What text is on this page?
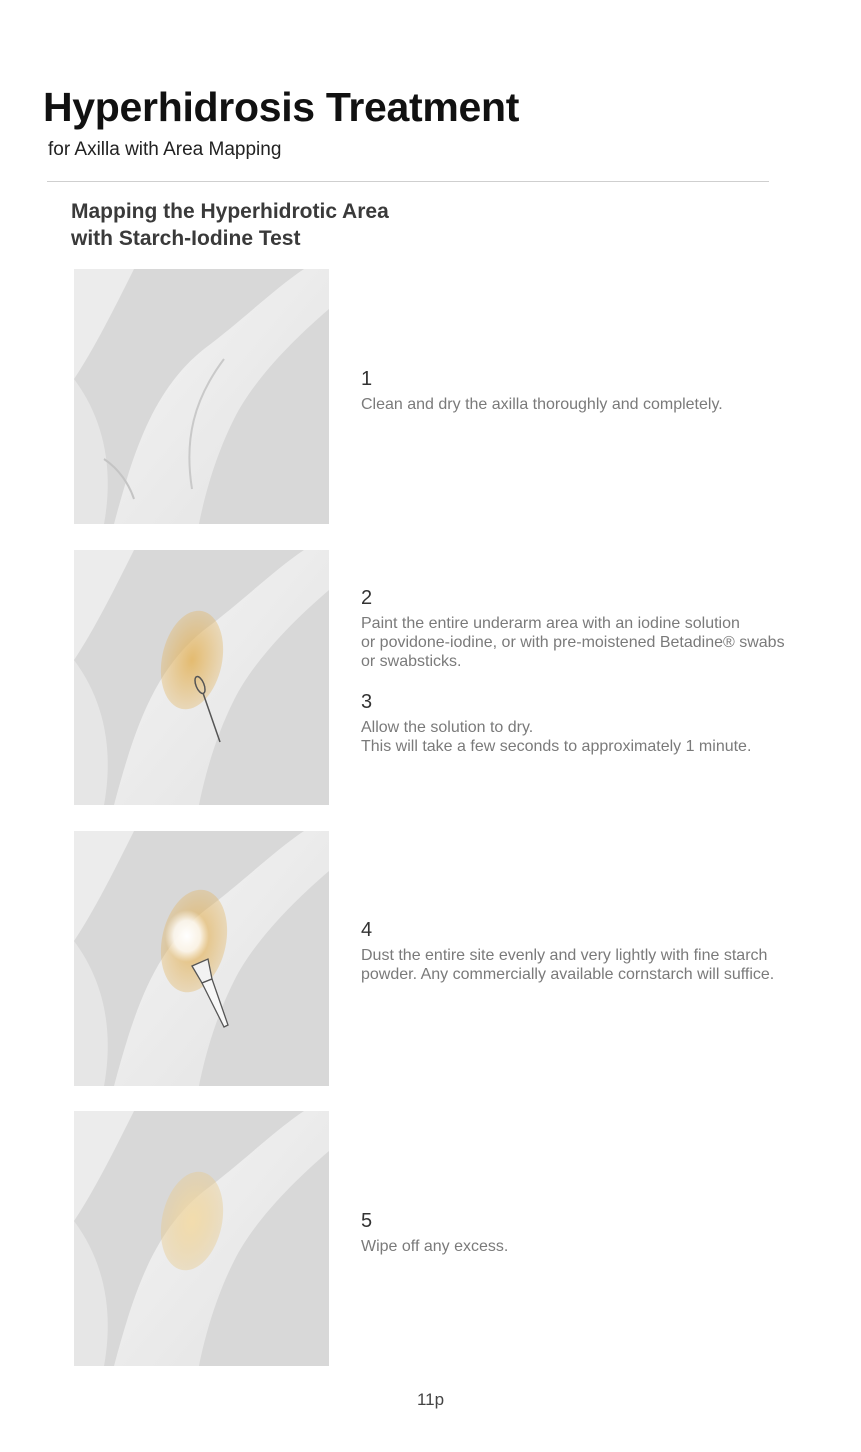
Hyperhidrosis Treatment

for Axilla with Area Mapping

Mapping the Hyperhidrotic Area
with Starch-Iodine Test

1

Clean and dry the axilla thoroughly and completely.

2

Paint the entire underarm area with an iodine solution
or povidone-iodine, or with pre-moistened Betadine® swabs
or swabsticks.

3

Allow the solution to dry.
This will take a few seconds to approximately 1 minute.

4

Dust the entire site evenly and very lightly with fine starch
powder. Any commercially available cornstarch will suffice.

5

Wipe off any excess.

11p
